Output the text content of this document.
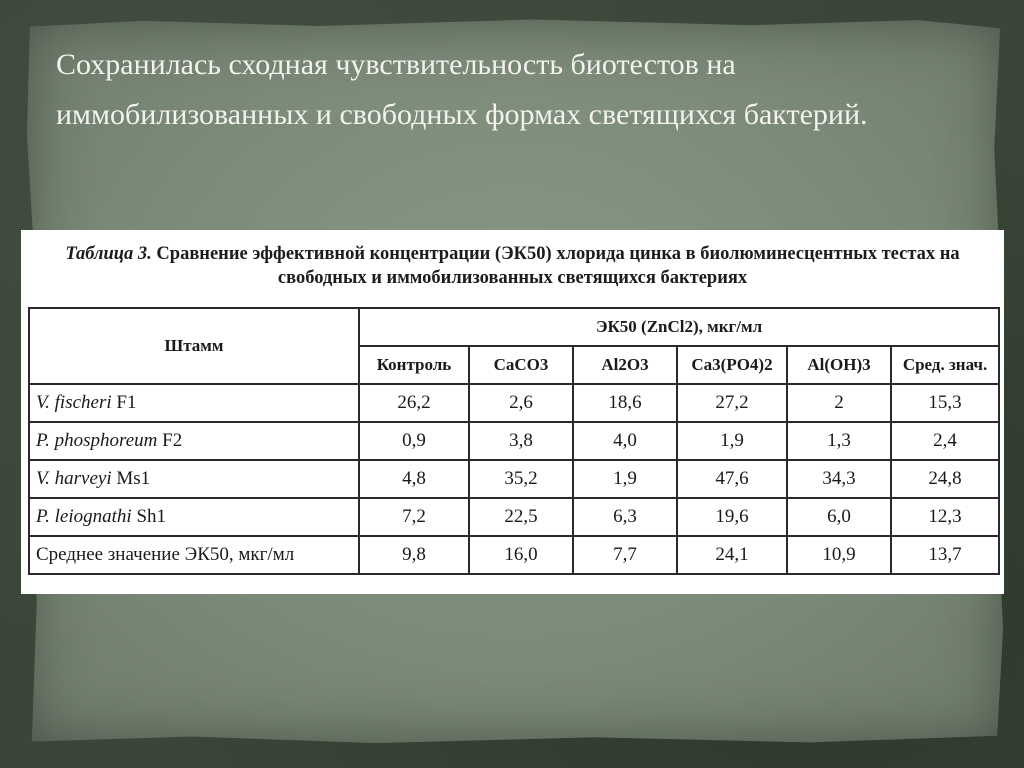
Сохранилась сходная чувствительность биотестов на иммобилизованных и свободных формах светящихся бактерий.

Таблица 3. Сравнение эффективной концентрации (ЭК50) хлорида цинка в биолюминесцентных тестах на свободных и иммобилизованных светящихся бактериях
Штамм	ЭК50 (ZnCl2), мкг/мл					
	Контроль	CaCO3	Al2O3	Ca3(PO4)2	Al(OH)3	Сред. знач.
V. fischeri F1	26,2	2,6	18,6	27,2	2	15,3
P. phosphoreum F2	0,9	3,8	4,0	1,9	1,3	2,4
V. harveyi Ms1	4,8	35,2	1,9	47,6	34,3	24,8
P. leiognathi Sh1	7,2	22,5	6,3	19,6	6,0	12,3
Среднее значение ЭК50, мкг/мл	9,8	16,0	7,7	24,1	10,9	13,7
